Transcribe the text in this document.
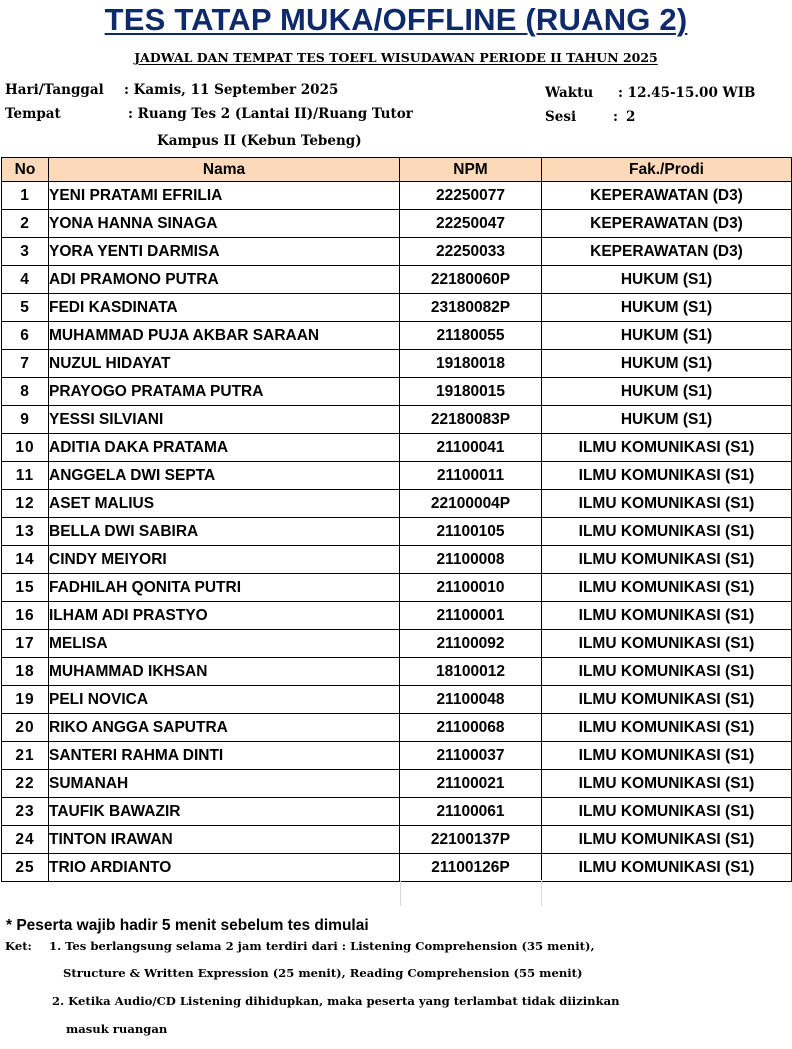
TES TATAP MUKA/OFFLINE (RUANG 2)
JADWAL DAN TEMPAT TES TOEFL WISUDAWAN PERIODE II TAHUN 2025
Hari/Tanggal : Kamis, 11 September 2025
Tempat	: Ruang Tes 2 (Lantai II)/Ruang Tutor
Kampus II (Kebun Tebeng)
Waktu : 12.45-15.00 WIB
Sesi	: 2
No	Nama	NPM	Fak./Prodi
1	YENI PRATAMI EFRILIA	22250077	KEPERAWATAN (D3)
2	YONA HANNA SINAGA	22250047	KEPERAWATAN (D3)
3	YORA YENTI DARMISA	22250033	KEPERAWATAN (D3)
4	ADI PRAMONO PUTRA	22180060P	HUKUM (S1)
5	FEDI KASDINATA	23180082P	HUKUM (S1)
6	MUHAMMAD PUJA AKBAR SARAAN	21180055	HUKUM (S1)
7	NUZUL HIDAYAT	19180018	HUKUM (S1)
8	PRAYOGO PRATAMA PUTRA	19180015	HUKUM (S1)
9	YESSI SILVIANI	22180083P	HUKUM (S1)
10	ADITIA DAKA PRATAMA	21100041	ILMU KOMUNIKASI (S1)
11	ANGGELA DWI SEPTA	21100011	ILMU KOMUNIKASI (S1)
12	ASET MALIUS	22100004P	ILMU KOMUNIKASI (S1)
13	BELLA DWI SABIRA	21100105	ILMU KOMUNIKASI (S1)
14	CINDY MEIYORI	21100008	ILMU KOMUNIKASI (S1)
15	FADHILAH QONITA PUTRI	21100010	ILMU KOMUNIKASI (S1)
16	ILHAM ADI PRASTYO	21100001	ILMU KOMUNIKASI (S1)
17	MELISA	21100092	ILMU KOMUNIKASI (S1)
18	MUHAMMAD IKHSAN	18100012	ILMU KOMUNIKASI (S1)
19	PELI NOVICA	21100048	ILMU KOMUNIKASI (S1)
20	RIKO ANGGA SAPUTRA	21100068	ILMU KOMUNIKASI (S1)
21	SANTERI RAHMA DINTI	21100037	ILMU KOMUNIKASI (S1)
22	SUMANAH	21100021	ILMU KOMUNIKASI (S1)
23	TAUFIK BAWAZIR	21100061	ILMU KOMUNIKASI (S1)
24	TINTON IRAWAN	22100137P	ILMU KOMUNIKASI (S1)
25	TRIO ARDIANTO	21100126P	ILMU KOMUNIKASI (S1)
* Peserta wajib hadir 5 menit sebelum tes dimulai
Ket: 1. Tes berlangsung selama 2 jam terdiri dari : Listening Comprehension (35 menit),
Structure & Written Expression (25 menit), Reading Comprehension (55 menit)
2. Ketika Audio/CD Listening dihidupkan, maka peserta yang terlambat tidak diizinkan
masuk ruangan
